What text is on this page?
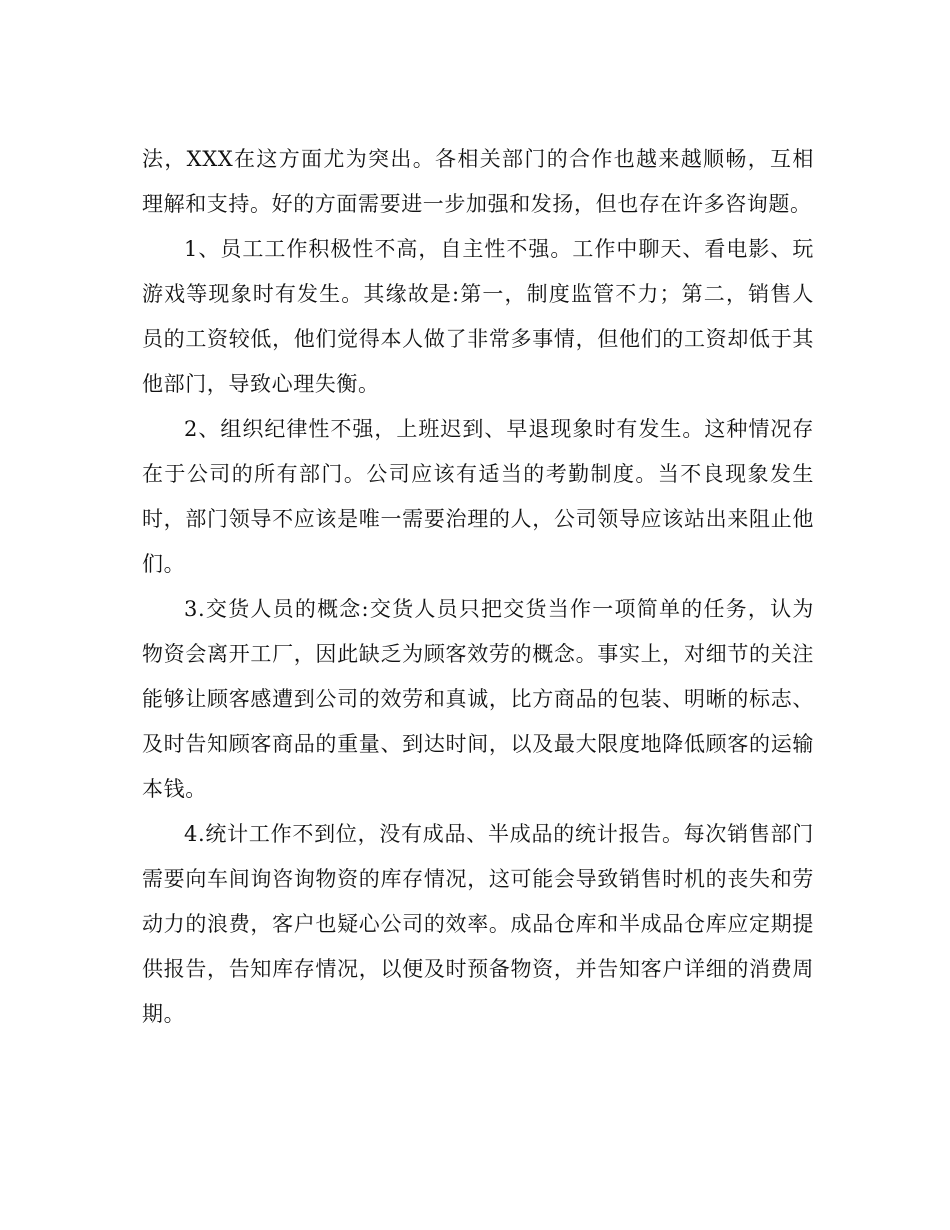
法，XXX在这方面尤为突出。各相关部门的合作也越来越顺畅，互相理解和支持。好的方面需要进一步加强和发扬，但也存在许多咨询题。

1、员工工作积极性不高，自主性不强。工作中聊天、看电影、玩游戏等现象时有发生。其缘故是:第一，制度监管不力；第二，销售人员的工资较低，他们觉得本人做了非常多事情，但他们的工资却低于其他部门，导致心理失衡。

2、组织纪律性不强，上班迟到、早退现象时有发生。这种情况存在于公司的所有部门。公司应该有适当的考勤制度。当不良现象发生时，部门领导不应该是唯一需要治理的人，公司领导应该站出来阻止他们。

3.交货人员的概念:交货人员只把交货当作一项简单的任务，认为物资会离开工厂，因此缺乏为顾客效劳的概念。事实上，对细节的关注能够让顾客感遭到公司的效劳和真诚，比方商品的包装、明晰的标志、及时告知顾客商品的重量、到达时间，以及最大限度地降低顾客的运输本钱。

4.统计工作不到位，没有成品、半成品的统计报告。每次销售部门需要向车间询咨询物资的库存情况，这可能会导致销售时机的丧失和劳动力的浪费，客户也疑心公司的效率。成品仓库和半成品仓库应定期提供报告，告知库存情况，以便及时预备物资，并告知客户详细的消费周期。
